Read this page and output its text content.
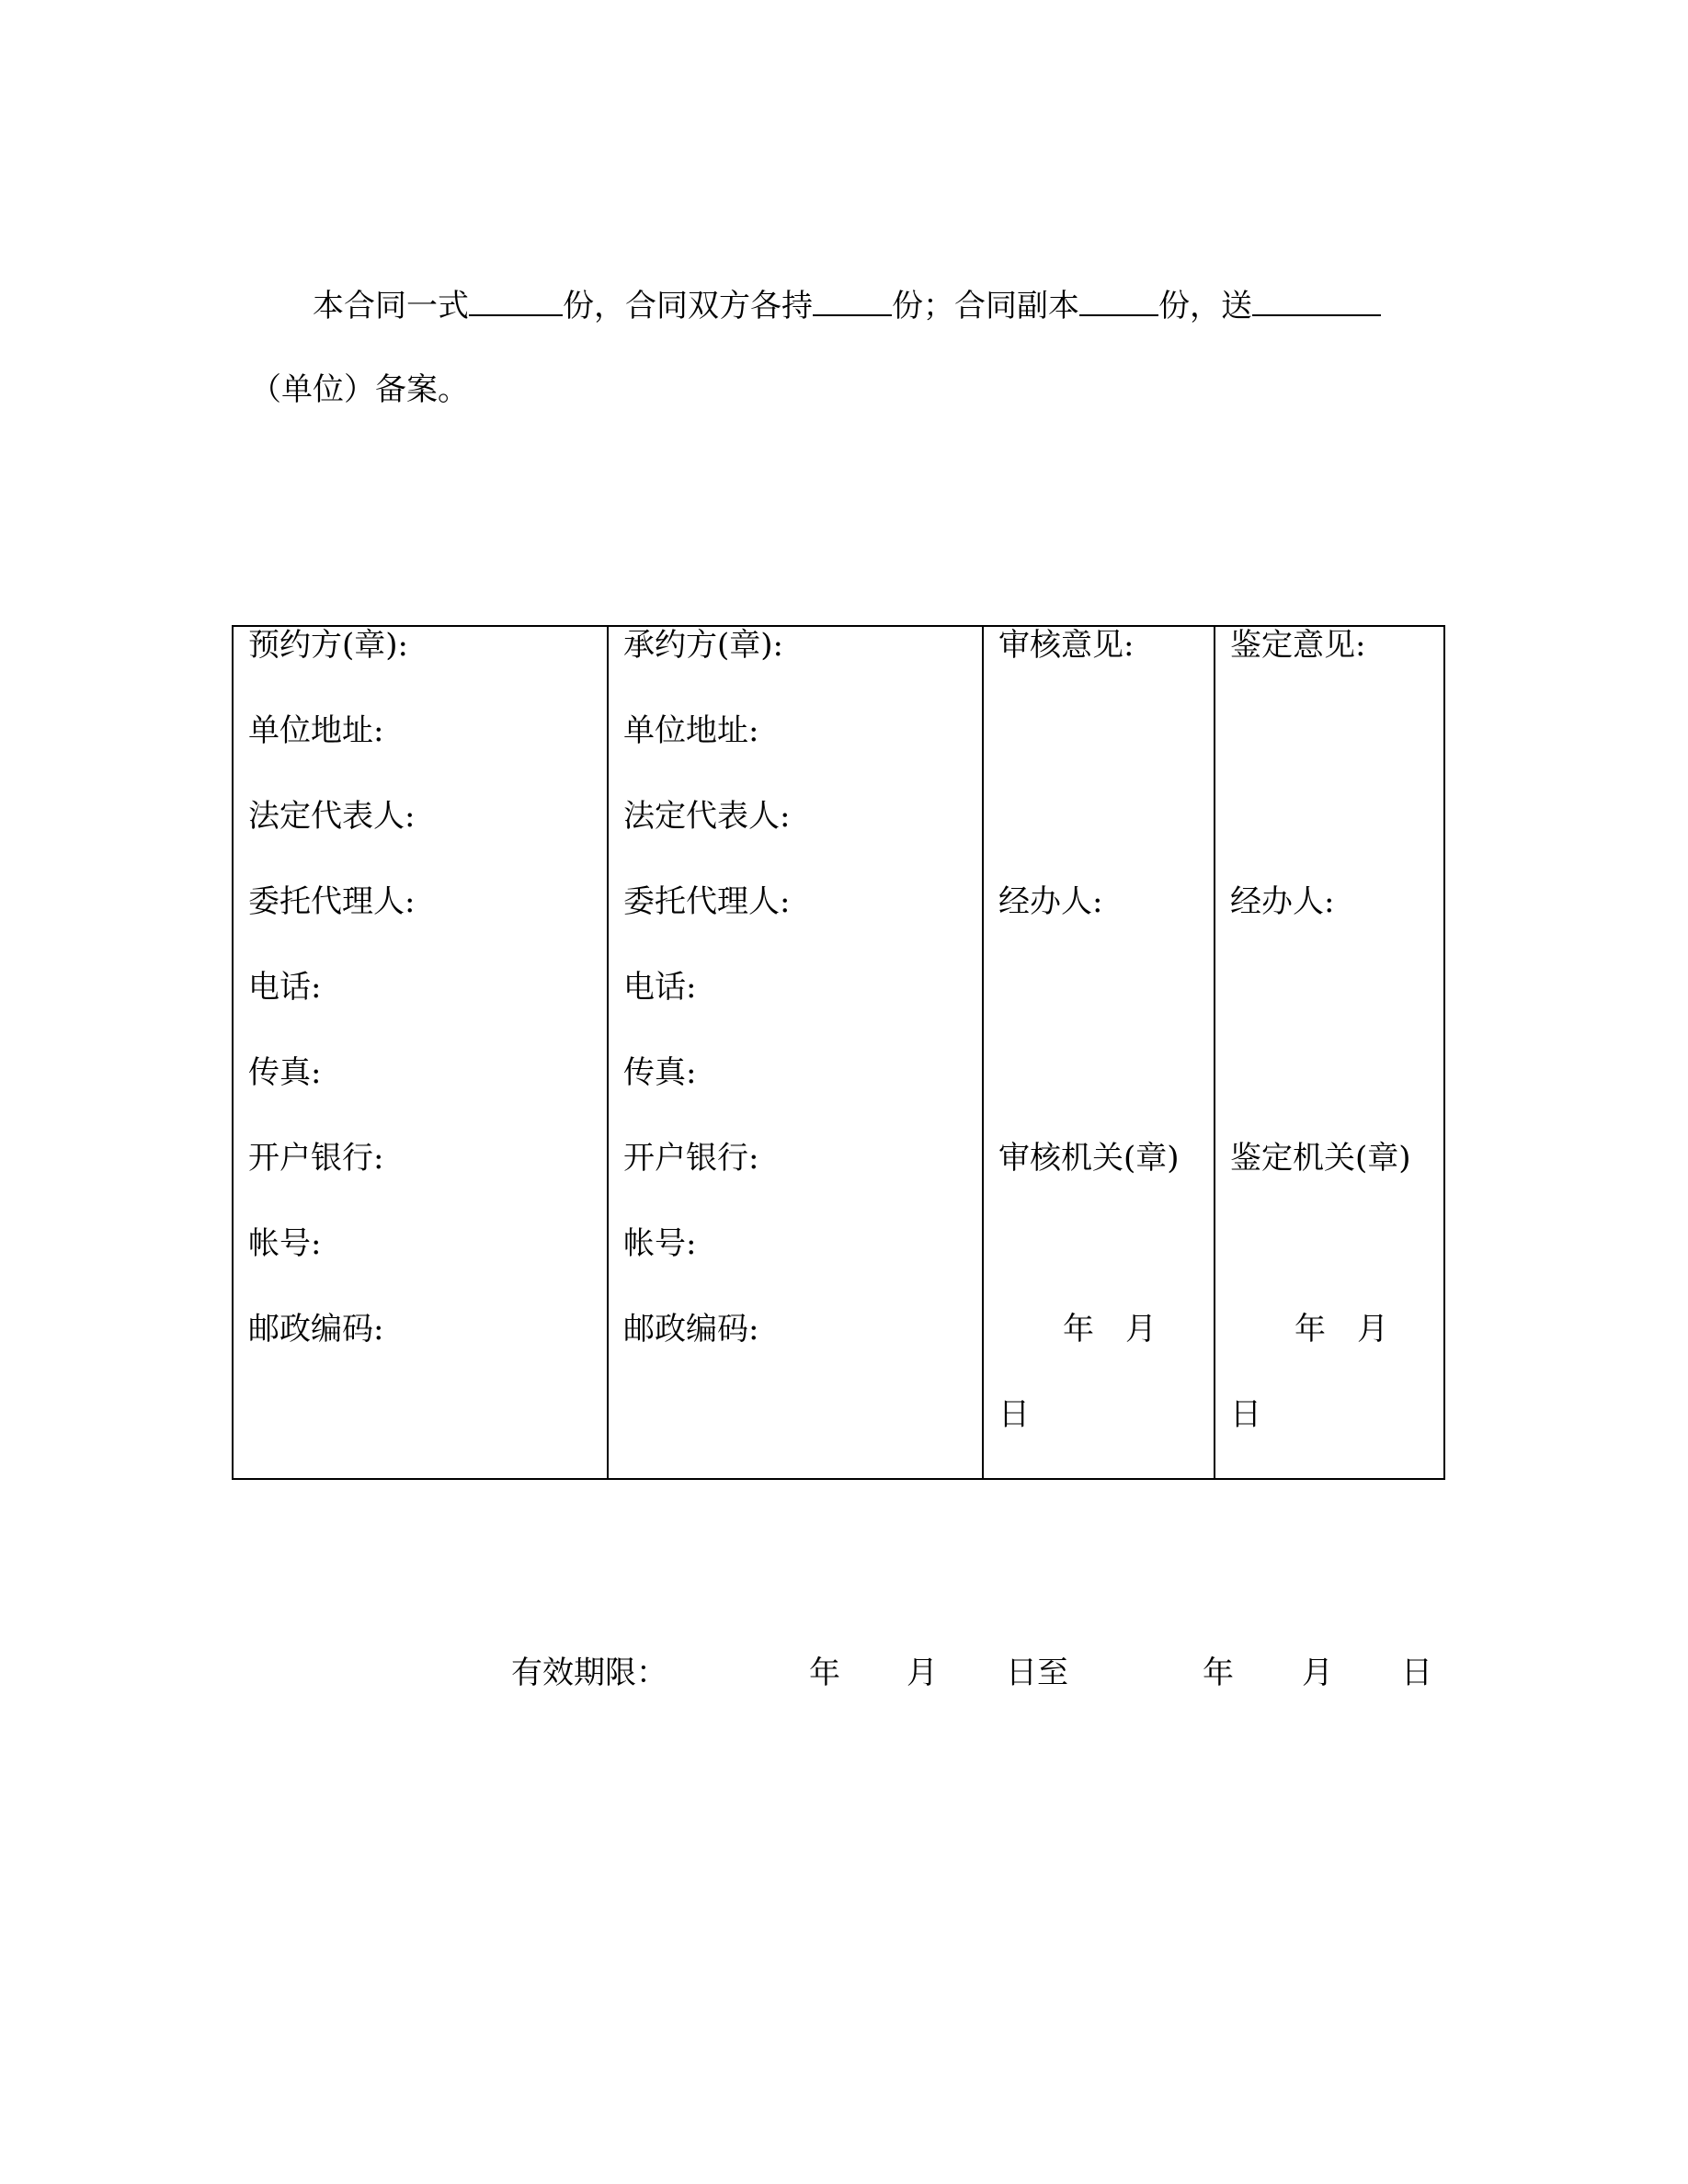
本合同一式	份，合同双方各持	份；合同副本	份，送
（单位）备案。
预约方(章):
单位地址:
法定代表人:
委托代理人:
电话:
传真:
开户银行:
帐号:
邮政编码:
承约方(章):
单位地址:
法定代表人:
委托代理人:
电话:
传真:
开户银行:
帐号:
邮政编码:
审核意见:
经办人:
审核机关(章)
年　月
日
鉴定意见:
经办人:
鉴定机关(章)
年　月
日
有效期限：	年 月 日至	年 月 日
